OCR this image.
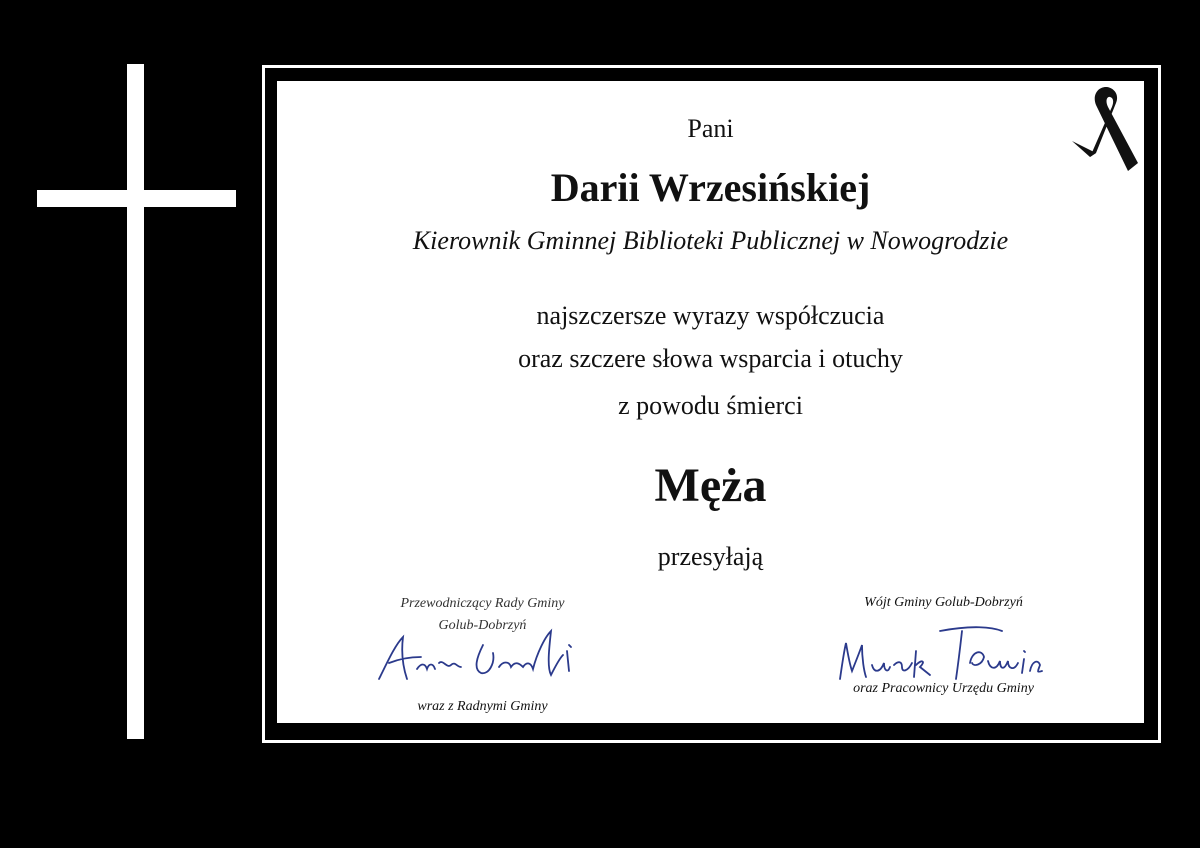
Pani
Darii Wrzesińskiej
Kierownik Gminnej Biblioteki Publicznej w Nowogrodzie
najszczersze wyrazy współczucia
oraz szczere słowa wsparcia i otuchy
z powodu śmierci
Męża
przesyłają
Przewodniczący Rady Gminy
Golub-Dobrzyń
wraz z Radnymi Gminy
Wójt Gminy Golub-Dobrzyń
oraz Pracownicy Urzędu Gminy
